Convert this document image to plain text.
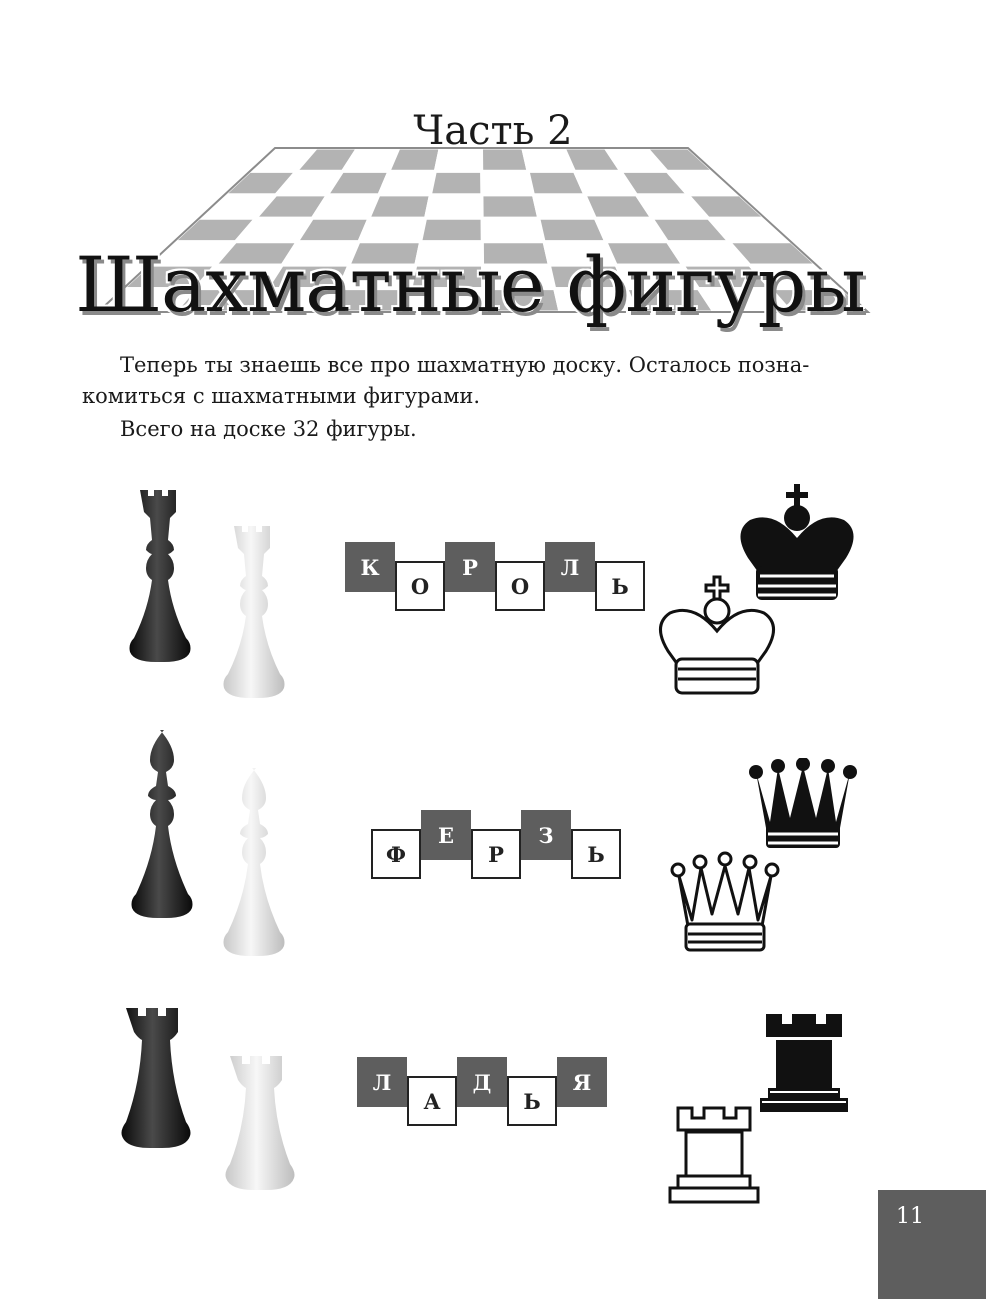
Часть 2
Шахматные фигуры
Теперь ты знаешь все про шахматную доску. Осталось позна-
комиться с шахматными фигурами.
Всего на доске 32 фигуры.
К
О
Р
О
Л
Ь
Ф
Е
Р
З
Ь
Л
А
Д
Ь
Я
11
